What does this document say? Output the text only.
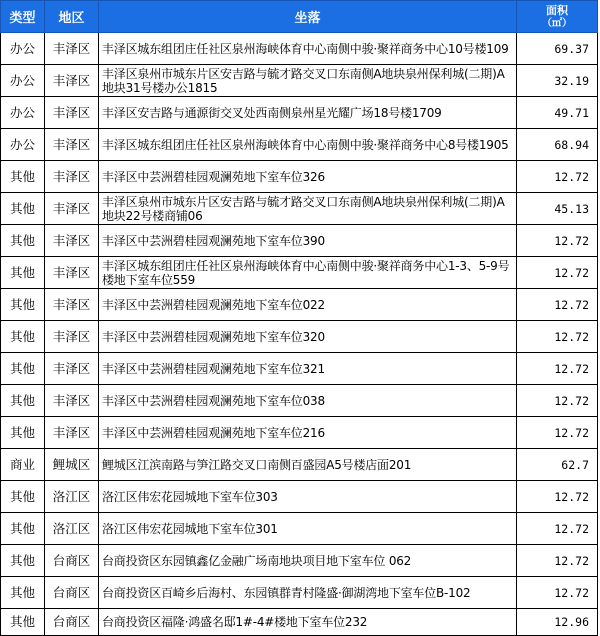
类型	地区	坐落	面积
（㎡）

办公	丰泽区	丰泽区城东组团庄任社区泉州海峡体育中心南侧中骏·聚祥商务中心10号楼109	69.37
办公	丰泽区	丰泽区泉州市城东片区安吉路与毓才路交叉口东南侧A地块泉州保利城(二期)A地块31号楼办公1815	32.19
办公	丰泽区	丰泽区安吉路与通源街交叉处西南侧泉州星光耀广场18号楼1709	49.71
办公	丰泽区	丰泽区城东组团庄任社区泉州海峡体育中心南侧中骏·聚祥商务中心8号楼1905	68.94
其他	丰泽区	丰泽区中芸洲碧桂园观澜苑地下室车位326	12.72
其他	丰泽区	丰泽区泉州市城东片区安吉路与毓才路交叉口东南侧A地块泉州保利城(二期)A地块22号楼商铺06	45.13
其他	丰泽区	丰泽区中芸洲碧桂园观澜苑地下室车位390	12.72
其他	丰泽区	丰泽区城东组团庄任社区泉州海峡体育中心南侧中骏·聚祥商务中心1-3、5-9号楼地下室车位559	12.72
其他	丰泽区	丰泽区中芸洲碧桂园观澜苑地下室车位022	12.72
其他	丰泽区	丰泽区中芸洲碧桂园观澜苑地下室车位320	12.72
其他	丰泽区	丰泽区中芸洲碧桂园观澜苑地下室车位321	12.72
其他	丰泽区	丰泽区中芸洲碧桂园观澜苑地下室车位038	12.72
其他	丰泽区	丰泽区中芸洲碧桂园观澜苑地下室车位216	12.72
商业	鲤城区	鲤城区江滨南路与笋江路交叉口南侧百盛园A5号楼店面201	62.7
其他	洛江区	洛江区伟宏花园城地下室车位303	12.72
其他	洛江区	洛江区伟宏花园城地下室车位301	12.72
其他	台商区	台商投资区东园镇鑫亿金融广场南地块项目地下室车位 062	12.72
其他	台商区	台商投资区百崎乡后海村、东园镇群青村隆盛·御湖湾地下室车位B-102	12.72
其他	台商区	台商投资区福隆·鸿盛名邸1#-4#楼地下室车位232	12.96
